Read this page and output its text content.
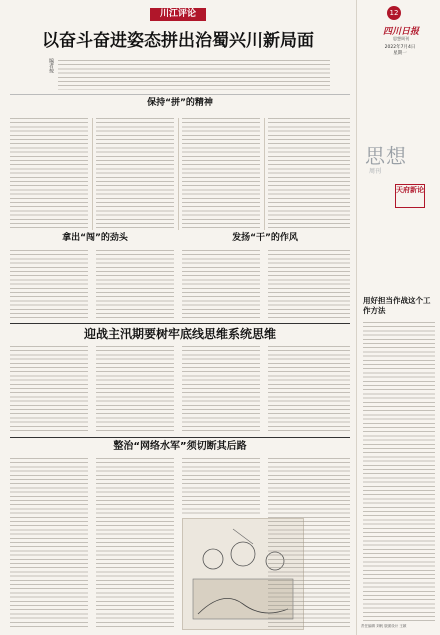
川江评论
以奋斗奋进姿态拼出治蜀兴川新局面
编者按
保持“拼”的精神
拿出“闯”的劲头	发扬“干”的作风
迎战主汛期要树牢底线思维系统思维
整治“网络水军”须切断其后路
12
四川日报
思想周刊
2022年7月4日
星期一
思想
周刊
天府新论
用好担当作战这个工作方法
责任编辑 刘帆 版面设计 王颖
